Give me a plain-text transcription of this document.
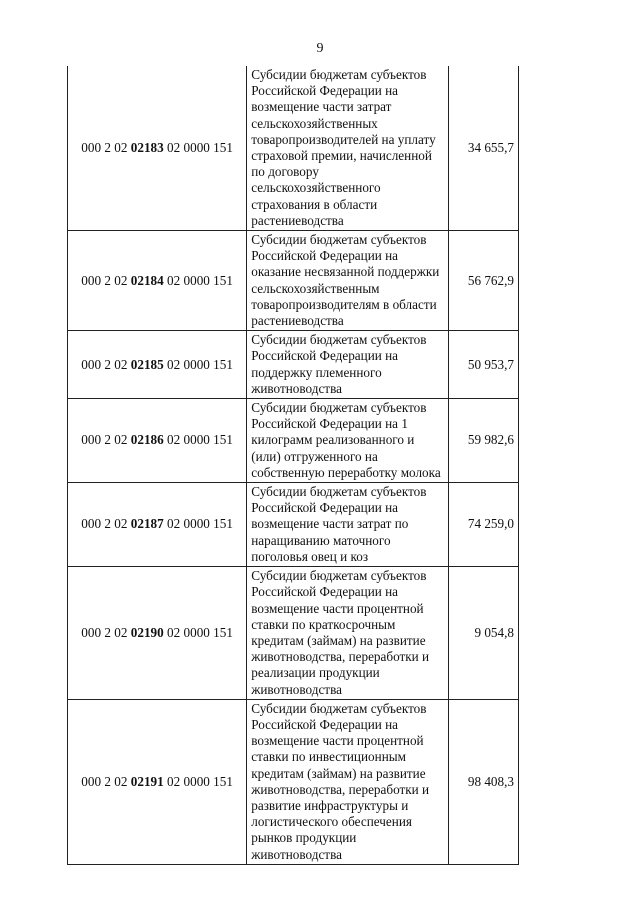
9
000 2 02 02183 02 0000 151	Субсидии бюджетам субъектов Российской Федерации на возмещение части затрат сельскохозяйственных товаропроизводителей на уплату страховой премии, начисленной по договору сельскохозяйственного страхования в области растениеводства	34 655,7
000 2 02 02184 02 0000 151	Субсидии бюджетам субъектов Российской Федерации на оказание несвязанной поддержки сельскохозяйственным товаропроизводителям в области растениеводства	56 762,9
000 2 02 02185 02 0000 151	Субсидии бюджетам субъектов Российской Федерации на поддержку племенного животноводства	50 953,7
000 2 02 02186 02 0000 151	Субсидии бюджетам субъектов Российской Федерации на 1 килограмм реализованного и (или) отгруженного на собственную переработку молока	59 982,6
000 2 02 02187 02 0000 151	Субсидии бюджетам субъектов Российской Федерации на возмещение части затрат по наращиванию маточного поголовья овец и коз	74 259,0
000 2 02 02190 02 0000 151	Субсидии бюджетам субъектов Российской Федерации на возмещение части процентной ставки по краткосрочным кредитам (займам) на развитие животноводства, переработки и реализации продукции животноводства	9 054,8
000 2 02 02191 02 0000 151	Субсидии бюджетам субъектов Российской Федерации на возмещение части процентной ставки по инвестиционным кредитам (займам) на развитие животноводства, переработки и развитие инфраструктуры и логистического обеспечения рынков продукции животноводства	98 408,3
